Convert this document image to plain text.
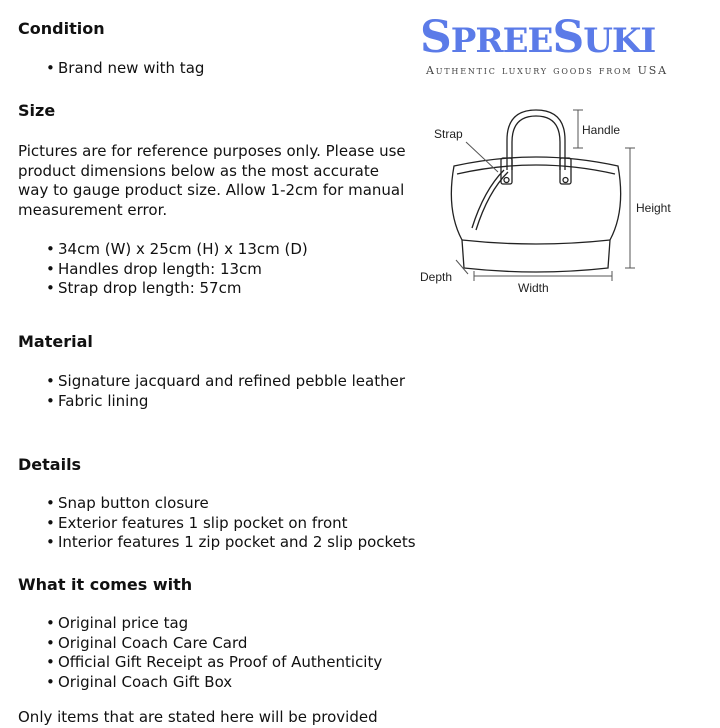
Condition
• Brand new with tag
Size

Pictures are for reference purposes only. Please use product dimensions below as the most accurate way to gauge product size. Allow 1-2cm for manual measurement error.

• 34cm (W) x 25cm (H) x 13cm (D)
• Handles drop length: 13cm
• Strap drop length: 57cm
Material
• Signature jacquard and refined pebble leather
• Fabric lining
Details
• Snap button closure
• Exterior features 1 slip pocket on front
• Interior features 1 zip pocket and 2 slip pockets
What it comes with
• Original price tag
• Original Coach Care Card
• Official Gift Receipt as Proof of Authenticity
• Original Coach Gift Box

Only items that are stated here will be provided

SPREESUKI
Authentic luxury goods from USA
Strap	Handle
Height
Depth
Width
